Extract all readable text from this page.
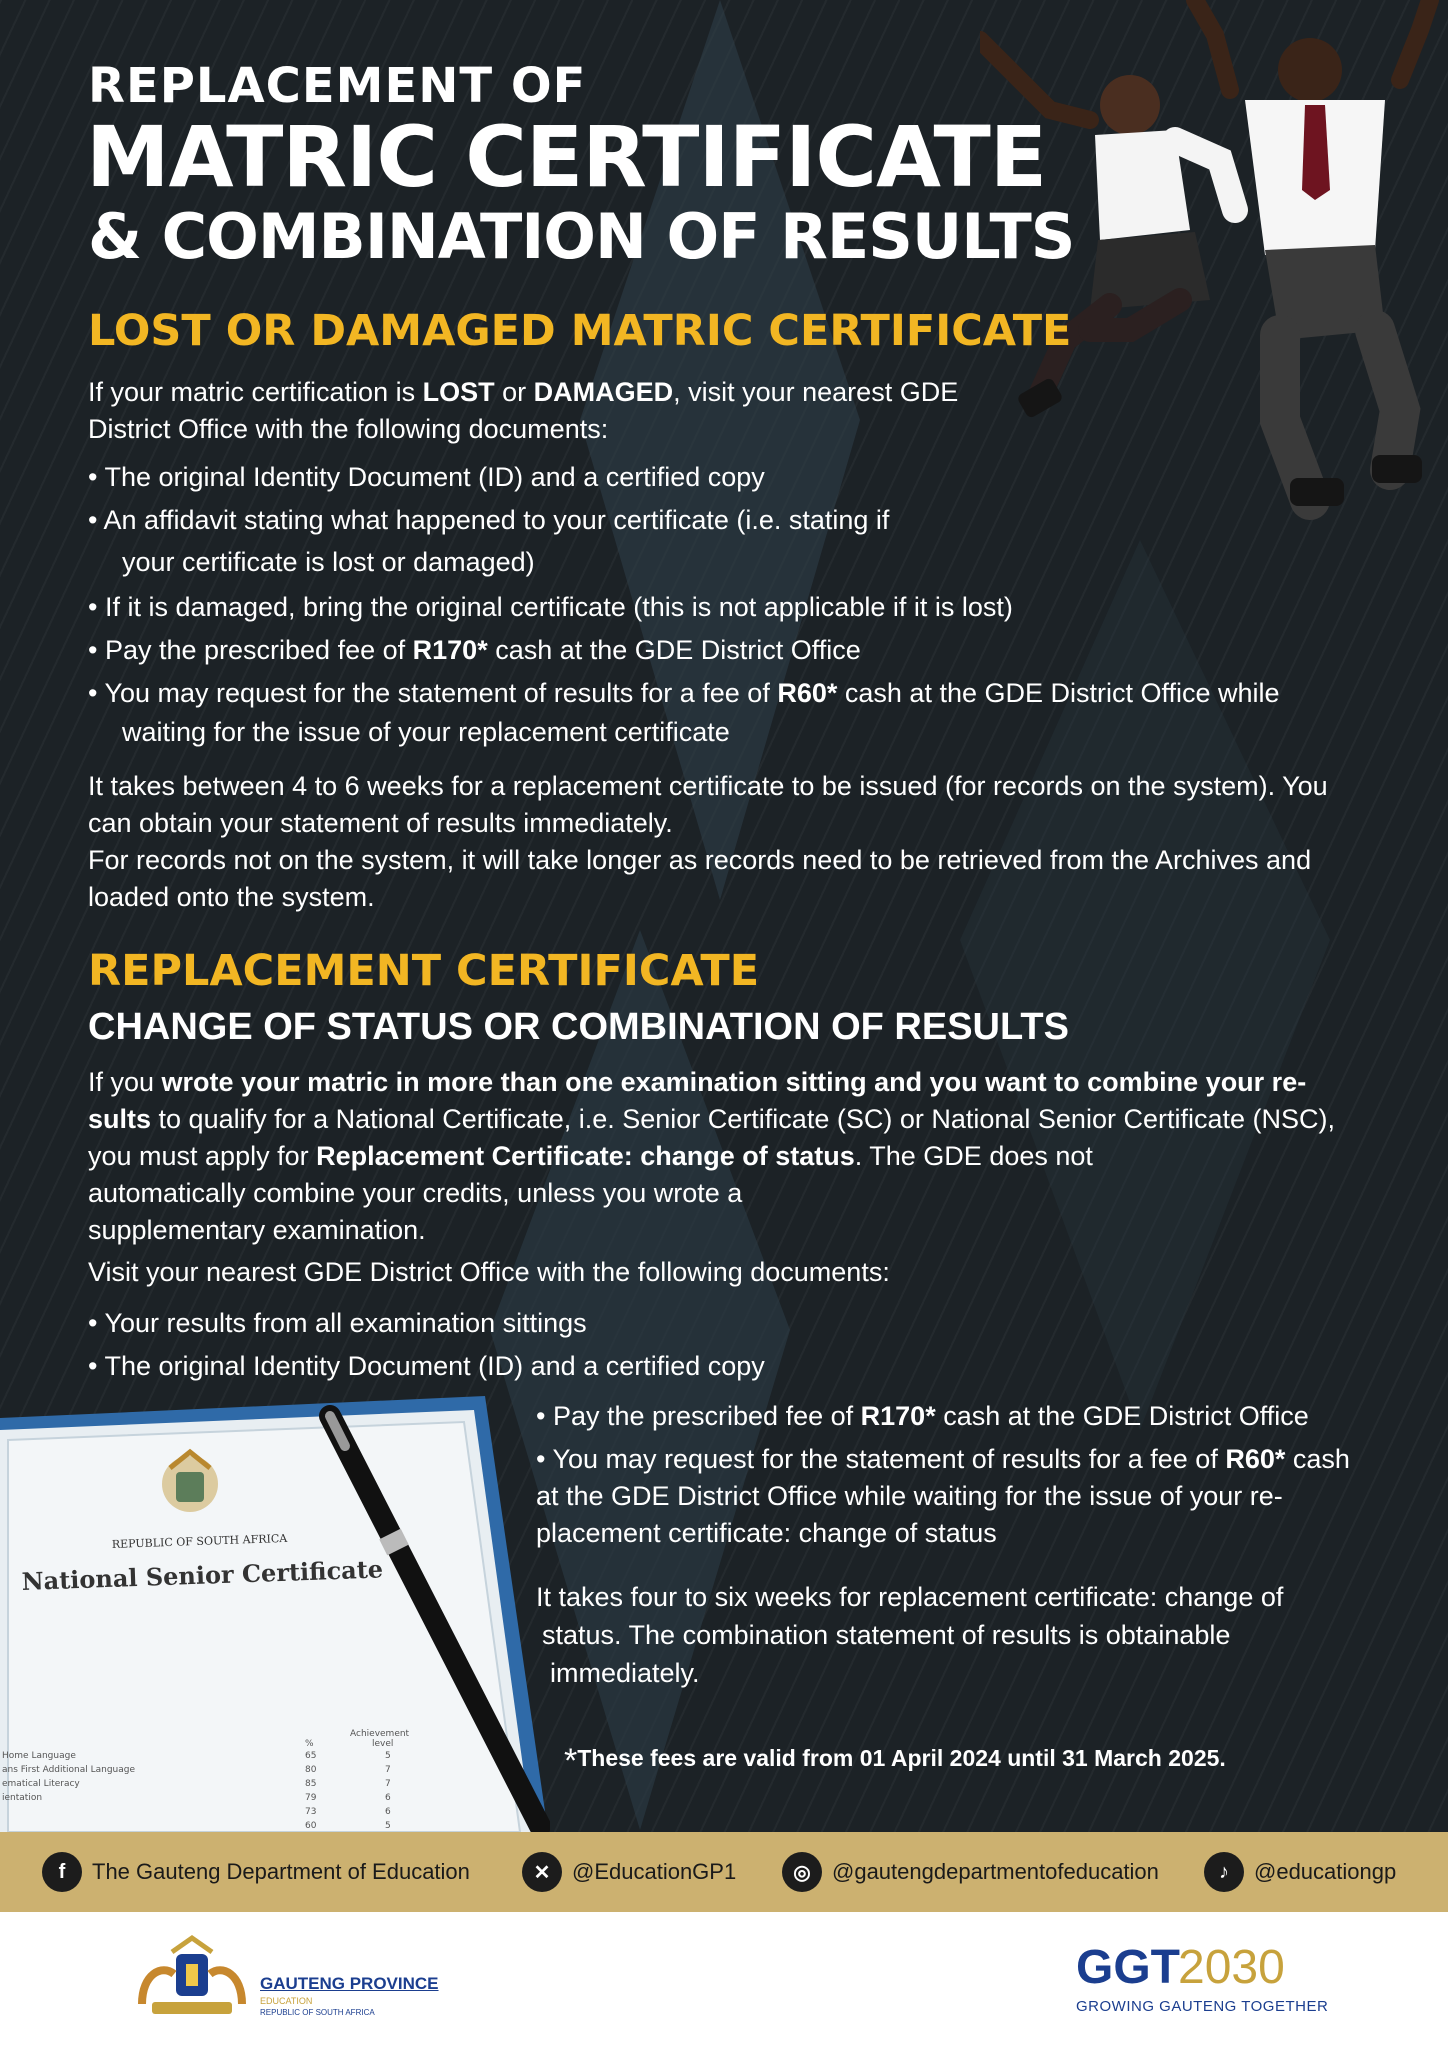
REPLACEMENT OF
MATRIC CERTIFICATE
& COMBINATION OF RESULTS
LOST OR DAMAGED MATRIC CERTIFICATE
If your matric certification is LOST or DAMAGED, visit your nearest GDE
District Office with the following documents:
• The original Identity Document (ID) and a certified copy
• An affidavit stating what happened to your certificate (i.e. stating if
your certificate is lost or damaged)
• If it is damaged, bring the original certificate (this is not applicable if it is lost)
• Pay the prescribed fee of R170* cash at the GDE District Office
• You may request for the statement of results for a fee of R60* cash at the GDE District Office while
waiting for the issue of your replacement certificate
It takes between 4 to 6 weeks for a replacement certificate to be issued (for records on the system). You
can obtain your statement of results immediately.
For records not on the system, it will take longer as records need to be retrieved from the Archives and
loaded onto the system.
REPLACEMENT CERTIFICATE
CHANGE OF STATUS OR COMBINATION OF RESULTS
If you wrote your matric in more than one examination sitting and you want to combine your re-
sults to qualify for a National Certificate, i.e. Senior Certificate (SC) or National Senior Certificate (NSC),
you must apply for Replacement Certificate: change of status. The GDE does not
automatically combine your credits, unless you wrote a
supplementary examination.
Visit your nearest GDE District Office with the following documents:
• Your results from all examination sittings
• The original Identity Document (ID) and a certified copy
• Pay the prescribed fee of R170* cash at the GDE District Office
• You may request for the statement of results for a fee of R60* cash
at the GDE District Office while waiting for the issue of your re-
placement certificate: change of status
It takes four to six weeks for replacement certificate: change of
status. The combination statement of results is obtainable
immediately.
*These fees are valid from 01 April 2024 until 31 March 2025.
REPUBLIC OF SOUTH AFRICA
National Senior Certificate
Achievement
level
%
Home Language	65	5
ans First Additional Language	80	7
ematical Literacy	85	7
ientation	79	6
73	6
60	5
f	The Gauteng Department of Education	✕ @EducationGP1	◎ @gautengdepartmentofeducation	♪	@educationgp
GAUTENG PROVINCE
EDUCATION
REPUBLIC OF SOUTH AFRICA
GGT
2030
GROWING GAUTENG TOGETHER
